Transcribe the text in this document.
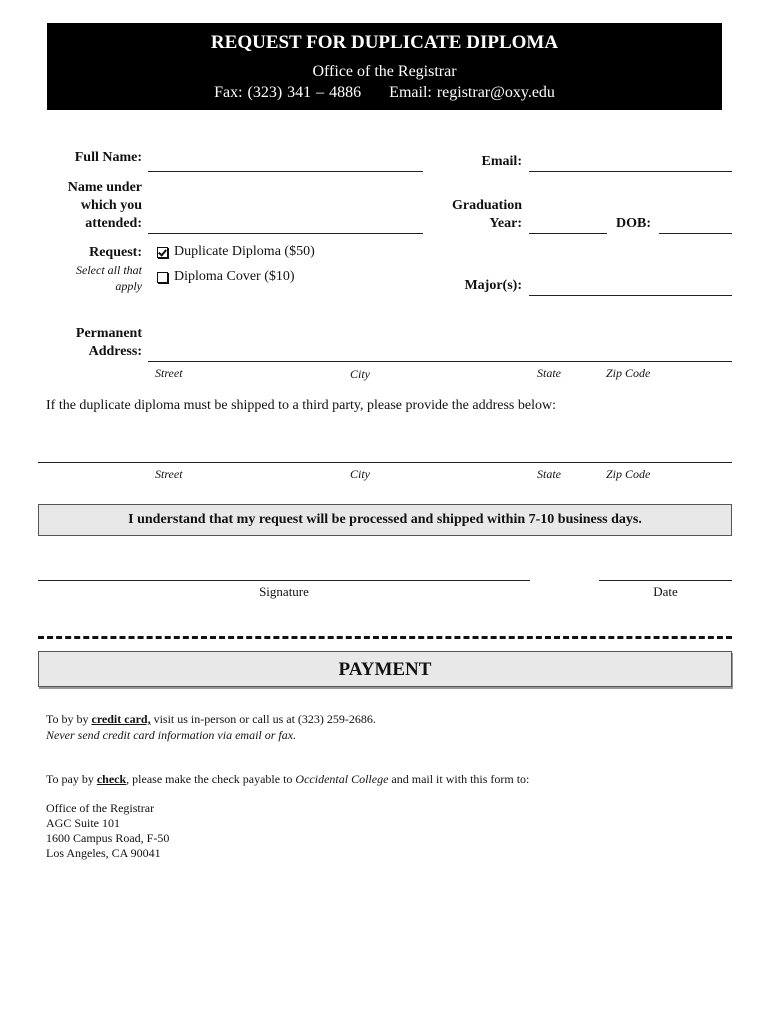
REQUEST FOR DUPLICATE DIPLOMA
Office of the Registrar
Fax: (323) 341 – 4886 Email: registrar@oxy.edu
Full Name:	Email:
Name under
which you
attended:
Graduation
Year:	DOB:
Request:
Select all that
apply
Duplicate Diploma ($50)
Diploma Cover ($10)
Major(s):
Permanent
Address:
Street	City	State	Zip Code
If the duplicate diploma must be shipped to a third party, please provide the address below:
Street	City	State	Zip Code
I understand that my request will be processed and shipped within 7-10 business days.
Signature	Date
PAYMENT
To by by credit card, visit us in-person or call us at (323) 259-2686.
Never send credit card information via email or fax.
To pay by check, please make the check payable to Occidental College and mail it with this form to:
Office of the Registrar
AGC Suite 101
1600 Campus Road, F-50
Los Angeles, CA 90041
